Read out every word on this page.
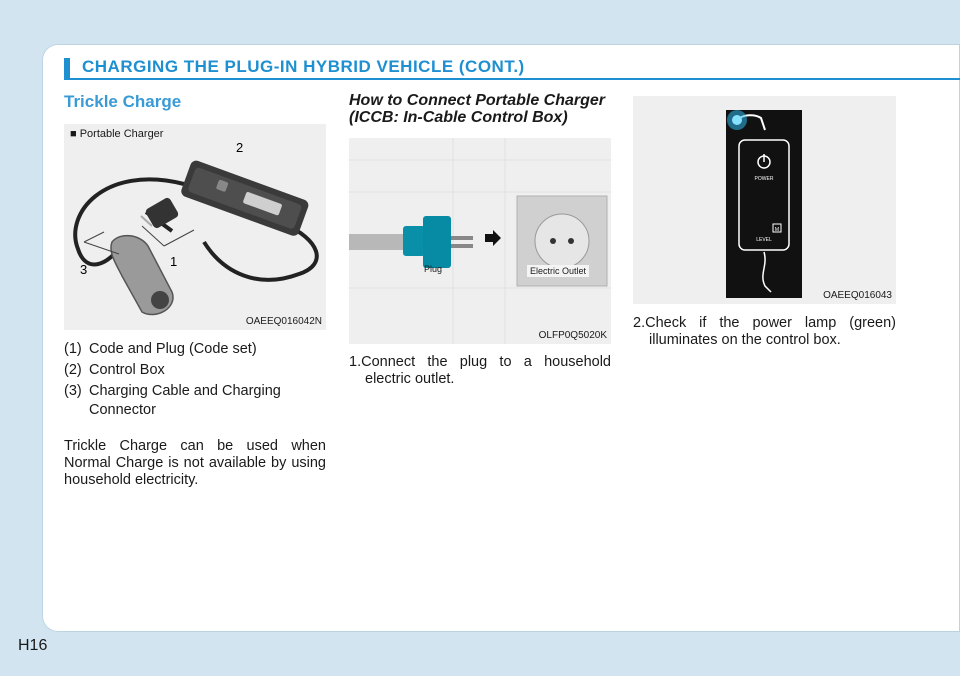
CHARGING THE PLUG-IN HYBRID VEHICLE (CONT.)
Trickle Charge
■ Portable Charger
2
3
1
OAEEQ016042N
(1) Code and Plug (Code set)
(2) Control Box
(3) Charging Cable and Charging Connector

Trickle Charge can be used when Normal Charge is not available by using household electricity.

How to Connect Portable Charger (ICCB: In-Cable Control Box)
Plug	Electric Outlet
OLFP0Q5020K

1.Connect the plug to a household electric outlet.

POWER
M
LEVEL
OAEEQ016043

2.Check if the power lamp (green) illuminates on the control box.

H16
